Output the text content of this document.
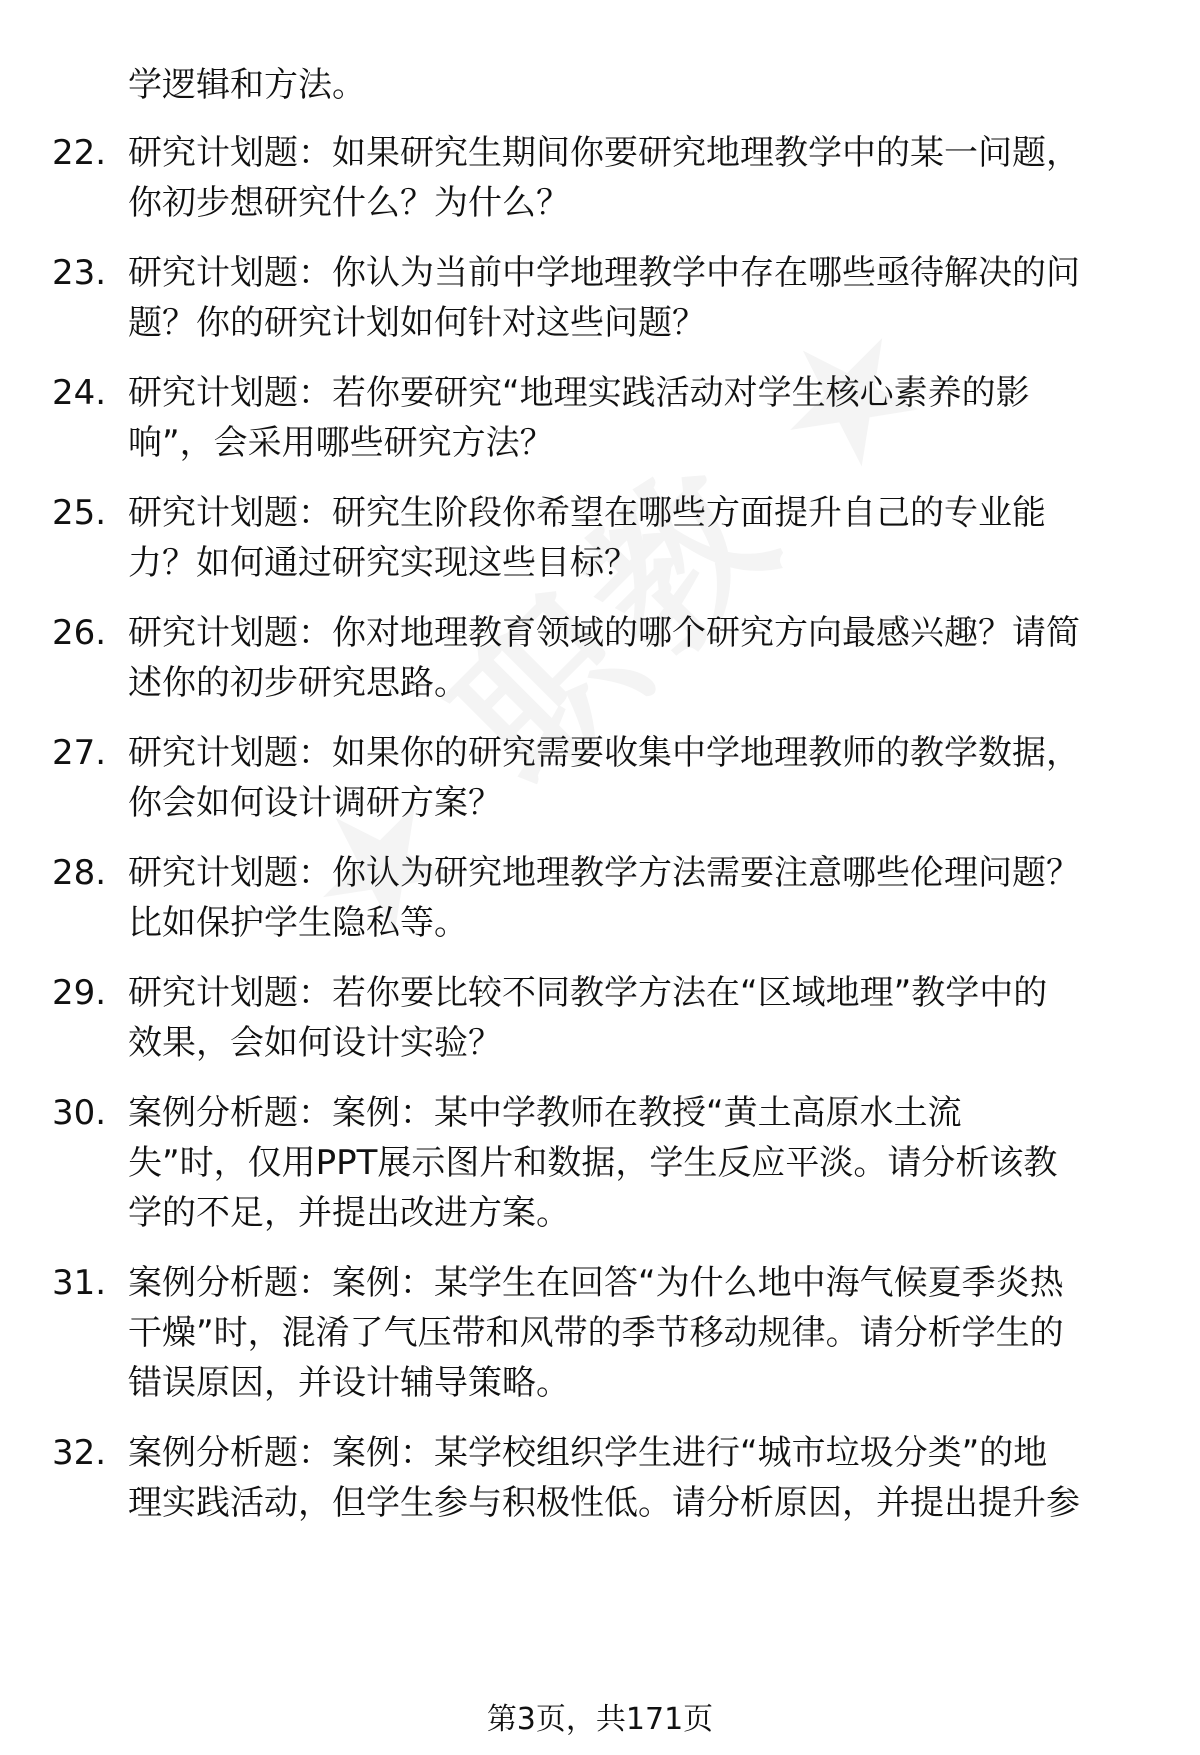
学逻辑和方法。
22. 研究计划题：如果研究生期间你要研究地理教学中的某一问题，
你初步想研究什么？为什么？
23. 研究计划题：你认为当前中学地理教学中存在哪些亟待解决的问
题？你的研究计划如何针对这些问题？
24. 研究计划题：若你要研究“地理实践活动对学生核心素养的影
响”，会采用哪些研究方法？
25. 研究计划题：研究生阶段你希望在哪些方面提升自己的专业能
力？如何通过研究实现这些目标？
26. 研究计划题：你对地理教育领域的哪个研究方向最感兴趣？请简
述你的初步研究思路。
27. 研究计划题：如果你的研究需要收集中学地理教师的教学数据，
你会如何设计调研方案？
28. 研究计划题：你认为研究地理教学方法需要注意哪些伦理问题？
比如保护学生隐私等。
29. 研究计划题：若你要比较不同教学方法在“区域地理”教学中的
效果，会如何设计实验？
30. 案例分析题：案例：某中学教师在教授“黄土高原水土流
失”时，仅用PPT展示图片和数据，学生反应平淡。请分析该教
学的不足，并提出改进方案。
31. 案例分析题：案例：某学生在回答“为什么地中海气候夏季炎热
干燥”时，混淆了气压带和风带的季节移动规律。请分析学生的
错误原因，并设计辅导策略。
32. 案例分析题：案例：某学校组织学生进行“城市垃圾分类”的地
理实践活动，但学生参与积极性低。请分析原因，并提出提升参
第3页，共171页
